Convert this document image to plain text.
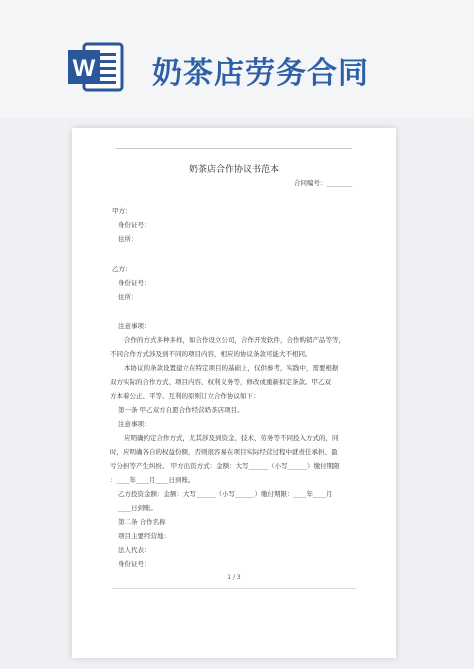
W 奶茶店劳务合同
奶茶店合作协议书范本
合同编号：________
甲方：
身份证号：
住所：
乙方：
身份证号：
住所：
注意事项：
合作的方式多种多样，如合作设立公司，合作开发软件，合作购销产品等等，
不同合作方式涉及到不同的项目内容，相应的协议条款可能大不相同。
本协议的条款设置建立在特定项目的基础上，仅供参考，实践中，需要根据
双方实际的合作方式、项目内容、权利义务等，修改或重新拟定条款。甲乙双
方本着公正、平等、互利的原则订立合作协议如下：
第一条 甲乙双方自愿合作经营奶茶店项目。
注意事项：
应明确约定合作方式，尤其涉及到资金、技术、劳务等不同投入方式的，同
时，应明确各自的权益份额，否则很容易在项目实际经营过程中就责任承担、盈
亏分担等产生纠纷。 甲方出资方式：金额：大写______（小写______）缴付期限
：____年____月____日到账。
乙方投资金额：金额：大写______（小写______）缴付期限：____年____月
____日到账。
第二条 合作名称
项目主要经营地：
法人代表：
身份证号：
1 / 3
